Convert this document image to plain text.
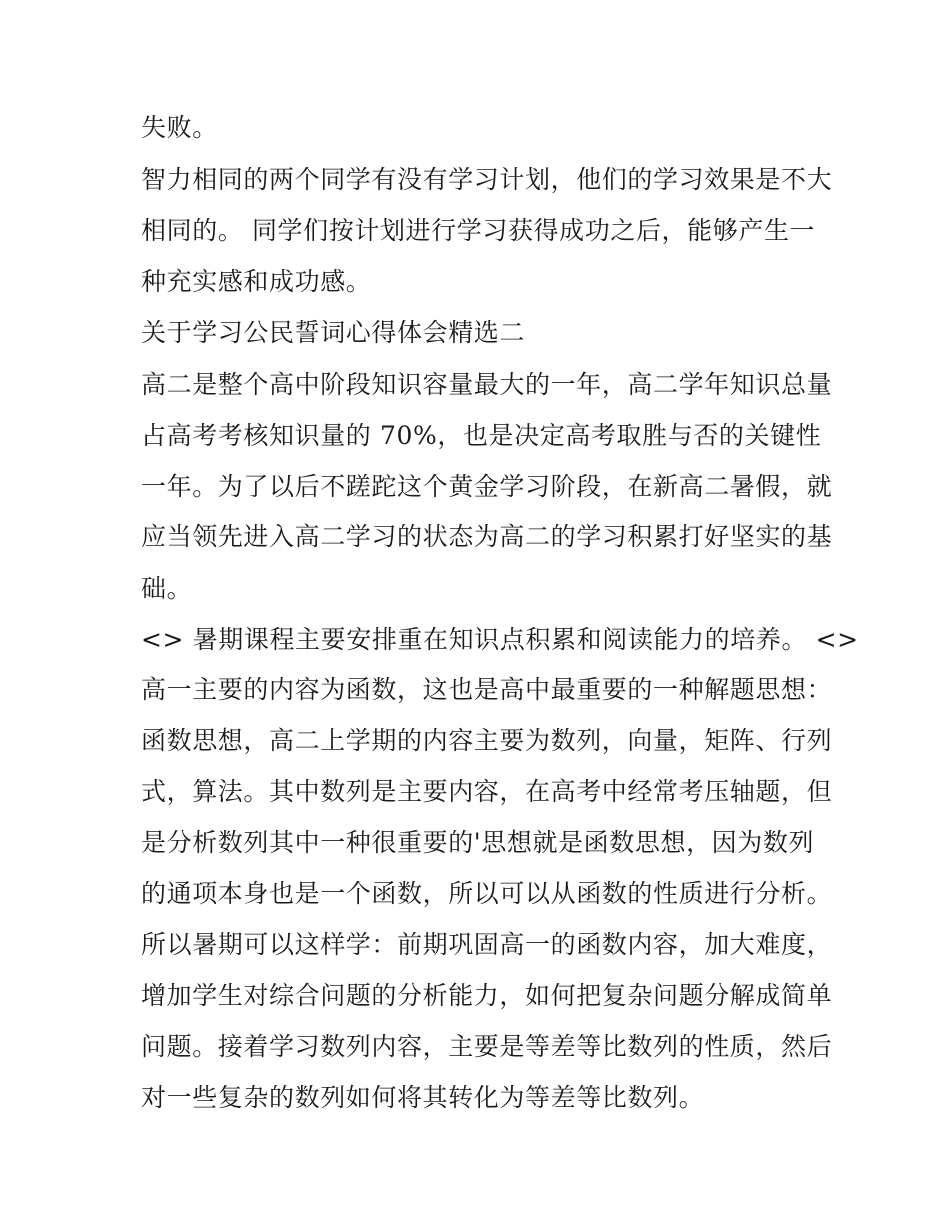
失败。
智力相同的两个同学有没有学习计划，他们的学习效果是不大
相同的。 同学们按计划进行学习获得成功之后，能够产生一
种充实感和成功感。
关于学习公民誓词心得体会精选二
高二是整个高中阶段知识容量最大的一年，高二学年知识总量
占高考考核知识量的 70%，也是决定高考取胜与否的关键性
一年。为了以后不蹉跎这个黄金学习阶段，在新高二暑假，就
应当领先进入高二学习的状态为高二的学习积累打好坚实的基
础。
<> 暑期课程主要安排重在知识点积累和阅读能力的培养。 <>
高一主要的内容为函数，这也是高中最重要的一种解题思想：
函数思想，高二上学期的内容主要为数列，向量，矩阵、行列
式，算法。其中数列是主要内容，在高考中经常考压轴题，但
是分析数列其中一种很重要的'思想就是函数思想，因为数列
的通项本身也是一个函数，所以可以从函数的性质进行分析。
所以暑期可以这样学：前期巩固高一的函数内容，加大难度，
增加学生对综合问题的分析能力，如何把复杂问题分解成简单
问题。接着学习数列内容，主要是等差等比数列的性质，然后
对一些复杂的数列如何将其转化为等差等比数列。
